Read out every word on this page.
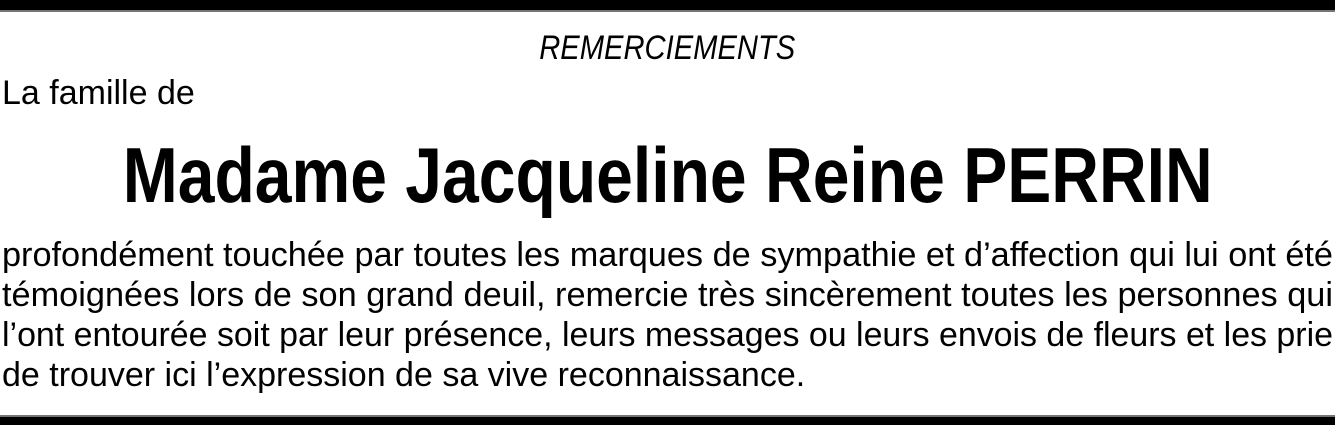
REMERCIEMENTS
La famille de
Madame Jacqueline Reine PERRIN
profondément touchée par toutes les marques de sympathie et d’affection qui lui ont été
témoignées lors de son grand deuil, remercie très sincèrement toutes les personnes qui
l’ont entourée soit par leur présence, leurs messages ou leurs envois de fleurs et les prie
de trouver ici l’expression de sa vive reconnaissance.
